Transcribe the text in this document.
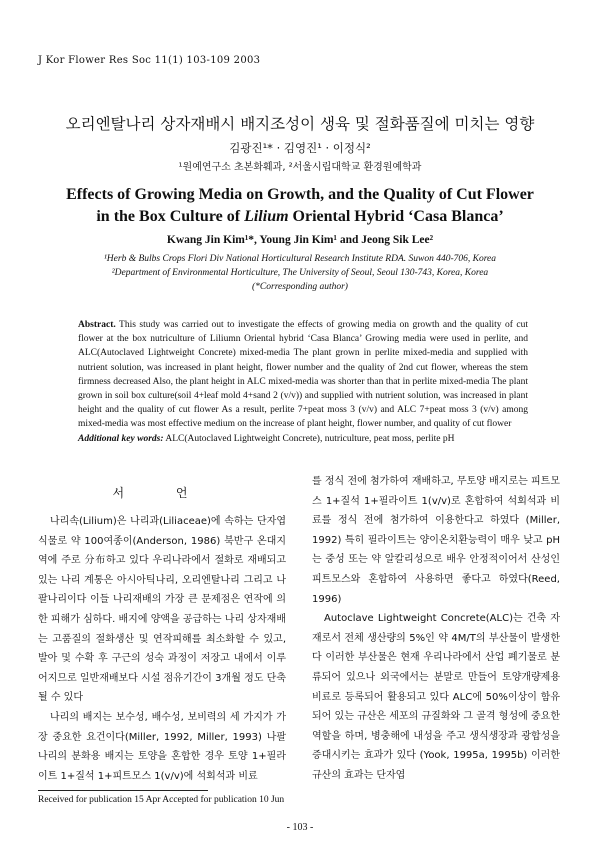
J Kor Flower Res Soc 11(1) 103-109 2003
오리엔탈나리 상자재배시 배지조성이 생육 및 절화품질에 미치는 영향
김광진¹* · 김영진¹ · 이정식²
¹원예연구소 초본화훼과, ²서울시립대학교 환경원예학과
Effects of Growing Media on Growth, and the Quality of Cut Flower
in the Box Culture of Lilium Oriental Hybrid ‘Casa Blanca’
Kwang Jin Kim¹*, Young Jin Kim¹ and Jeong Sik Lee²
¹Herb & Bulbs Crops Flori Div National Horticultural Research Institute RDA. Suwon 440-706, Korea
²Department of Environmental Horticulture, The University of Seoul, Seoul 130-743, Korea, Korea
(*Corresponding author)
Abstract. This study was carried out to investigate the effects of growing media on growth and the quality of cut flower at the box nutriculture of Liliumn Oriental hybrid ‘Casa Blanca’ Growing media were used in perlite, and ALC(Autoclaved Lightweight Concrete) mixed-media The plant grown in perlite mixed-media and supplied with nutrient solution, was increased in plant height, flower number and the quality of 2nd cut flower, whereas the stem firmness decreased Also, the plant height in ALC mixed-media was shorter than that in perlite mixed-media The plant grown in soil box culture(soil 4+leaf mold 4+sand 2 (v/v)) and supplied with nutrient solution, was increased in plant height and the quality of cut flower As a result, perlite 7+peat moss 3 (v/v) and ALC 7+peat moss 3 (v/v) among mixed-media was most effective medium on the increase of plant height, flower number, and quality of cut flower
Additional key words: ALC(Autoclaved Lightweight Concrete), nutriculture, peat moss, perlite pH
서 언

나리속(Lilium)은 나리과(Liliaceae)에 속하는 단자엽식물로 약 100여종이(Anderson, 1986) 북반구 온대지역에 주로 分布하고 있다 우리나라에서 절화로 재배되고 있는 나리 계통은 아시아틱나리, 오리엔탈나리 그리고 나팔나리이다 이들 나리재배의 가장 큰 문제점은 연작에 의한 피해가 심하다. 배지에 양액을 공급하는 나리 상자재배는 고품질의 절화생산 및 연작피해를 최소화할 수 있고, 발아 및 수확 후 구근의 성숙 과정이 저장고 내에서 이루어지므로 일반재배보다 시설 점유기간이 3개월 정도 단축될 수 있다

나리의 배지는 보수성, 배수성, 보비력의 세 가지가 가장 중요한 요건이다(Miller, 1992, Miller, 1993) 나팔나리의 분화용 배지는 토양을 혼합한 경우 토양 1+필라이트 1+질석 1+피트모스 1(v/v)에 석회석과 비료

를 정식 전에 첨가하여 재배하고, 무토양 배지로는 피트모스 1+질석 1+필라이트 1(v/v)로 혼합하여 석회석과 비료를 정식 전에 첨가하여 이용한다고 하였다 (Miller, 1992) 특히 필라이트는 양이온치환능력이 매우 낮고 pH는 중성 또는 약 알칼리성으로 배우 안정적이어서 산성인 피트모스와 혼합하여 사용하면 좋다고 하였다(Reed, 1996)

Autoclave Lightweight Concrete(ALC)는 건축 자재로서 전체 생산량의 5%인 약 4M/T의 부산물이 발생한다 이러한 부산물은 현재 우리나라에서 산업 폐기물로 분류되어 있으나 외국에서는 분말로 만들어 토양개량제용 비료로 등록되어 활용되고 있다 ALC에 50%이상이 함유되어 있는 규산은 세포의 규질화와 그 골격 형성에 중요한 역할을 하며, 병충해에 내성을 주고 생식생장과 광합성을 증대시키는 효과가 있다 (Yook, 1995a, 1995b) 이러한 규산의 효과는 단자엽

Received for publication 15 Apr Accepted for publication 10 Jun
- 103 -
